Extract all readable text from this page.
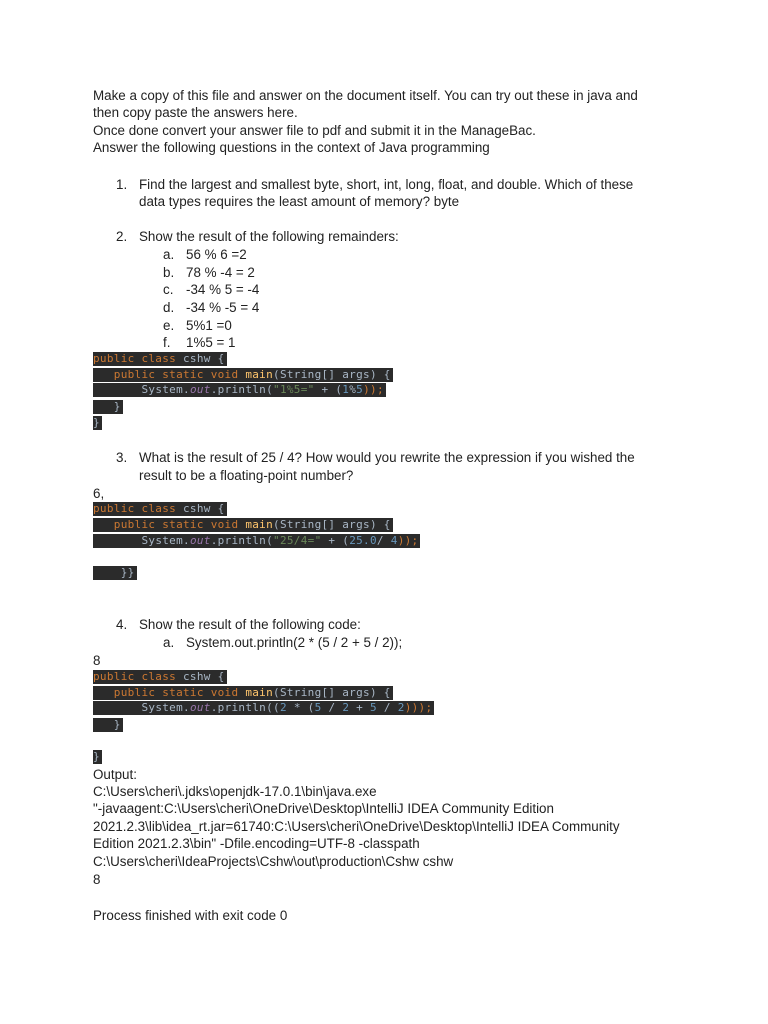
Make a copy of this file and answer on the document itself. You can try out these in java and
then copy paste the answers here.
Once done convert your answer file to pdf and submit it in the ManageBac.
Answer the following questions in the context of Java programming
1. Find the largest and smallest byte, short, int, long, float, and double. Which of these
data types requires the least amount of memory? byte
2. Show the result of the following remainders:
a. 56 % 6 =2
b. 78 % -4 = 2
c. -34 % 5 = -4
d. -34 % -5 = 4
e. 5%1 =0
f. 1%5 = 1
public class cshw {
public static void main(String[] args) {
System.out.println("1%5=" + (1%5));
}
}
3. What is the result of 25 / 4? How would you rewrite the expression if you wished the
result to be a floating-point number?
6,
public class cshw {
public static void main(String[] args) {
System.out.println("25/4=" + (25.0/ 4));
}}
4. Show the result of the following code:
a. System.out.println(2 * (5 / 2 + 5 / 2));
8
public class cshw {
public static void main(String[] args) {
System.out.println((2 * (5 / 2 + 5 / 2)));
}
}
Output:
C:\Users\cheri\.jdks\openjdk-17.0.1\bin\java.exe
"-javaagent:C:\Users\cheri\OneDrive\Desktop\IntelliJ IDEA Community Edition
2021.2.3\lib\idea_rt.jar=61740:C:\Users\cheri\OneDrive\Desktop\IntelliJ IDEA Community
Edition 2021.2.3\bin" -Dfile.encoding=UTF-8 -classpath
C:\Users\cheri\IdeaProjects\Cshw\out\production\Cshw cshw
8
Process finished with exit code 0
